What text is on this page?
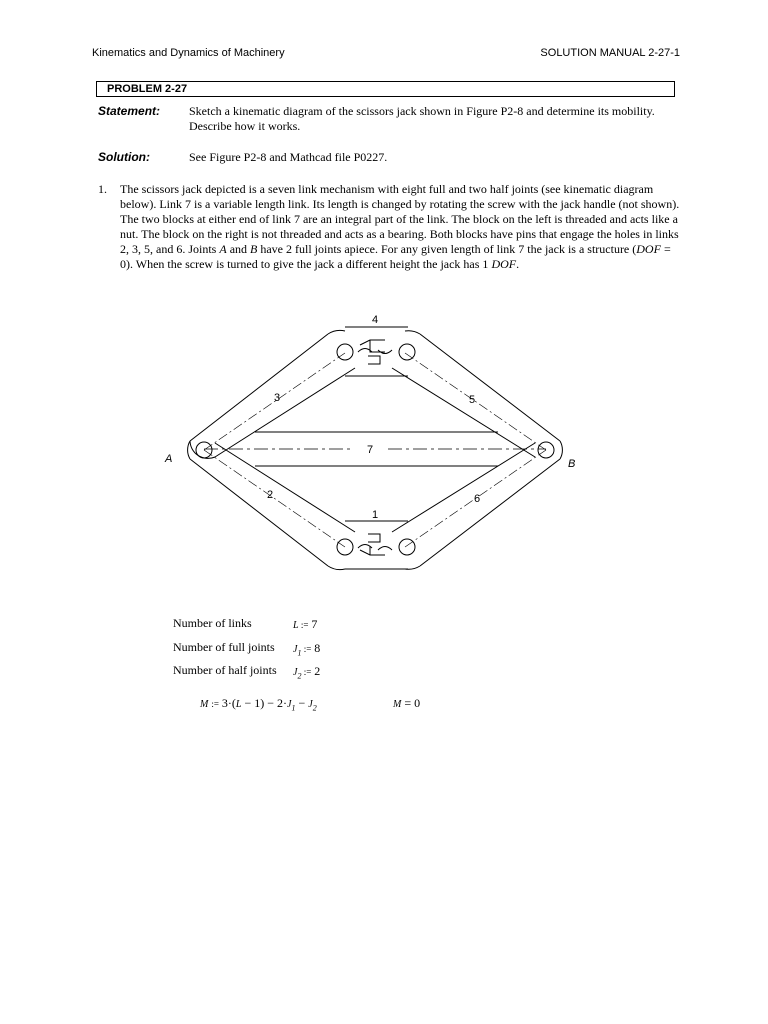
Kinematics and Dynamics of Machinery	SOLUTION MANUAL 2-27-1
PROBLEM 2-27
Statement: Sketch a kinematic diagram of the scissors jack shown in Figure P2-8 and determine its mobility. Describe how it works.
Solution:	See Figure P2-8 and Mathcad file P0227.
1. The scissors jack depicted is a seven link mechanism with eight full and two half joints (see kinematic diagram below). Link 7 is a variable length link. Its length is changed by rotating the screw with the jack handle (not shown). The two blocks at either end of link 7 are an integral part of the link. The block on the left is threaded and acts like a nut. The block on the right is not threaded and acts as a bearing. Both blocks have pins that engage the holes in links 2, 3, 5, and 6. Joints A and B have 2 full joints apiece. For any given length of link 7 the jack is a structure (DOF = 0). When the screw is turned to give the jack a different height the jack has 1 DOF.
4
3	5
7
A	B
2	6
1
Number of links	L := 7
Number of full joints $J_1$ := 8
Number of half joints $J_2$ := 2
M := $3\cdot(L - 1) - 2\cdot J_1 - J_2$	M = 0
